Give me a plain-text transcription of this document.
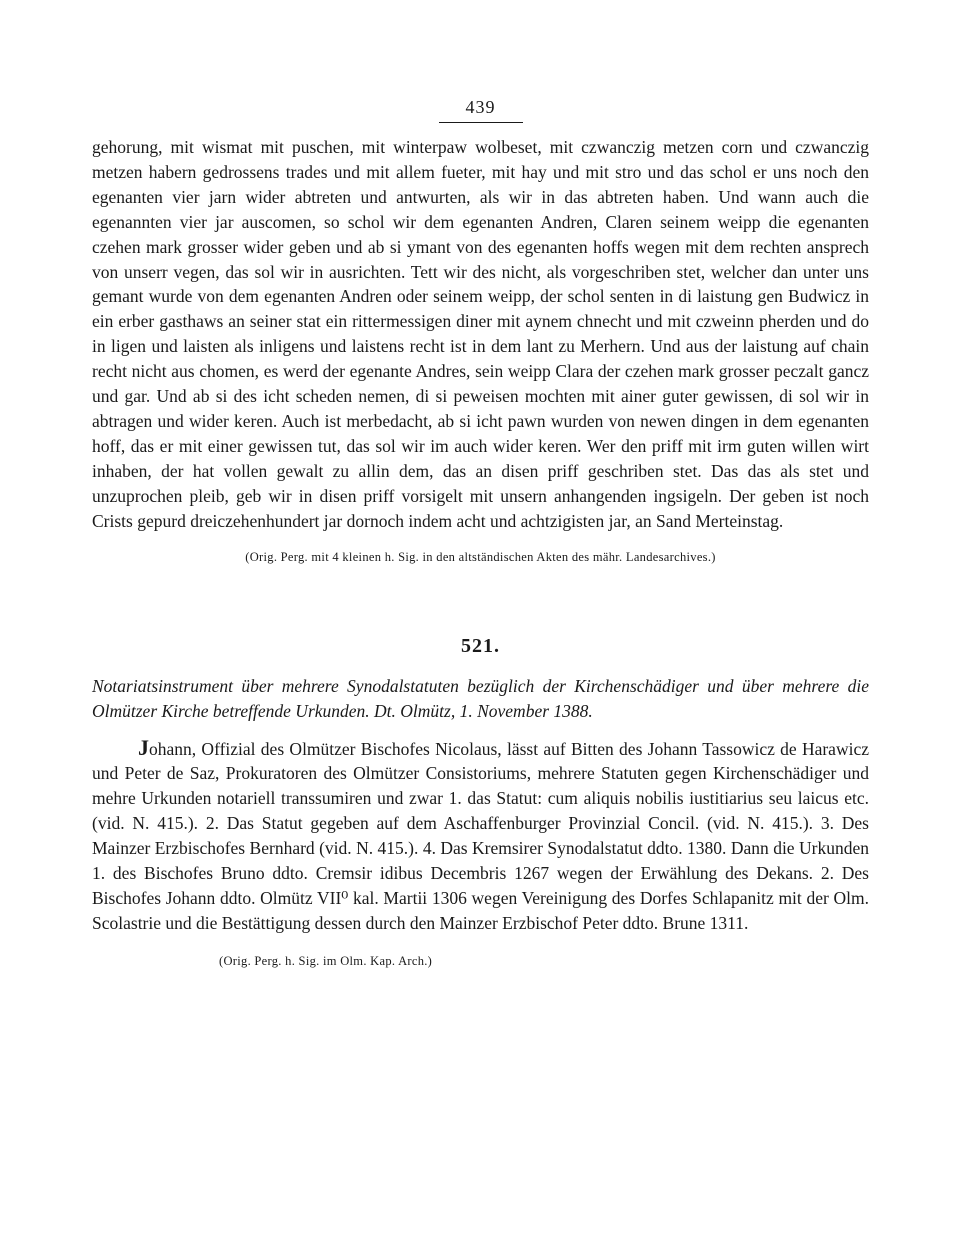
439

gehorung, mit wismat mit puschen, mit winterpaw wolbeset, mit czwanczig metzen corn und czwanczig metzen habern gedrossens trades und mit allem fueter, mit hay und mit stro und das schol er uns noch den egenanten vier jarn wider abtreten und antwurten, als wir in das abtreten haben. Und wann auch die egenannten vier jar auscomen, so schol wir dem egenanten Andren, Claren seinem weipp die egenanten czehen mark grosser wider geben und ab si ymant von des egenanten hoffs wegen mit dem rechten ansprech von unserr vegen, das sol wir in ausrichten. Tett wir des nicht, als vorgeschriben stet, welcher dan unter uns gemant wurde von dem egenanten Andren oder seinem weipp, der schol senten in di laistung gen Budwicz in ein erber gasthaws an seiner stat ein rittermessigen diner mit aynem chnecht und mit czweinn pherden und do in ligen und laisten als inligens und laistens recht ist in dem lant zu Merhern. Und aus der laistung auf chain recht nicht aus chomen, es werd der egenante Andres, sein weipp Clara der czehen mark grosser peczalt gancz und gar. Und ab si des icht scheden nemen, di si peweisen mochten mit ainer guter gewissen, di sol wir in abtragen und wider keren. Auch ist merbedacht, ab si icht pawn wurden von newen dingen in dem egenanten hoff, das er mit einer gewissen tut, das sol wir im auch wider keren. Wer den priff mit irm guten willen wirt inhaben, der hat vollen gewalt zu allin dem, das an disen priff geschriben stet. Das das als stet und unzuprochen pleib, geb wir in disen priff vorsigelt mit unsern anhangenden ingsigeln. Der geben ist noch Crists gepurd dreiczehenhundert jar dornoch indem acht und achtzigisten jar, an Sand Merteinstag.

(Orig. Perg. mit 4 kleinen h. Sig. in den altständischen Akten des mähr. Landesarchives.)

521.

Notariatsinstrument über mehrere Synodalstatuten bezüglich der Kirchenschädiger und über mehrere die Olmützer Kirche betreffende Urkunden. Dt. Olmütz, 1. November 1388.

Johann, Offizial des Olmützer Bischofes Nicolaus, lässt auf Bitten des Johann Tassowicz de Harawicz und Peter de Saz, Prokuratoren des Olmützer Consistoriums, mehrere Statuten gegen Kirchenschädiger und mehre Urkunden notariell transsumiren und zwar 1. das Statut: cum aliquis nobilis iustitiarius seu laicus etc. (vid. N. 415.). 2. Das Statut gegeben auf dem Aschaffenburger Provinzial Concil. (vid. N. 415.). 3. Des Mainzer Erzbischofes Bernhard (vid. N. 415.). 4. Das Kremsirer Synodalstatut ddto. 1380. Dann die Urkunden 1. des Bischofes Bruno ddto. Cremsir idibus Decembris 1267 wegen der Erwählung des Dekans. 2. Des Bischofes Johann ddto. Olmütz VII⁰ kal. Martii 1306 wegen Vereinigung des Dorfes Schlapanitz mit der Olm. Scolastrie und die Bestättigung dessen durch den Mainzer Erzbischof Peter ddto. Brune 1311.

(Orig. Perg. h. Sig. im Olm. Kap. Arch.)
